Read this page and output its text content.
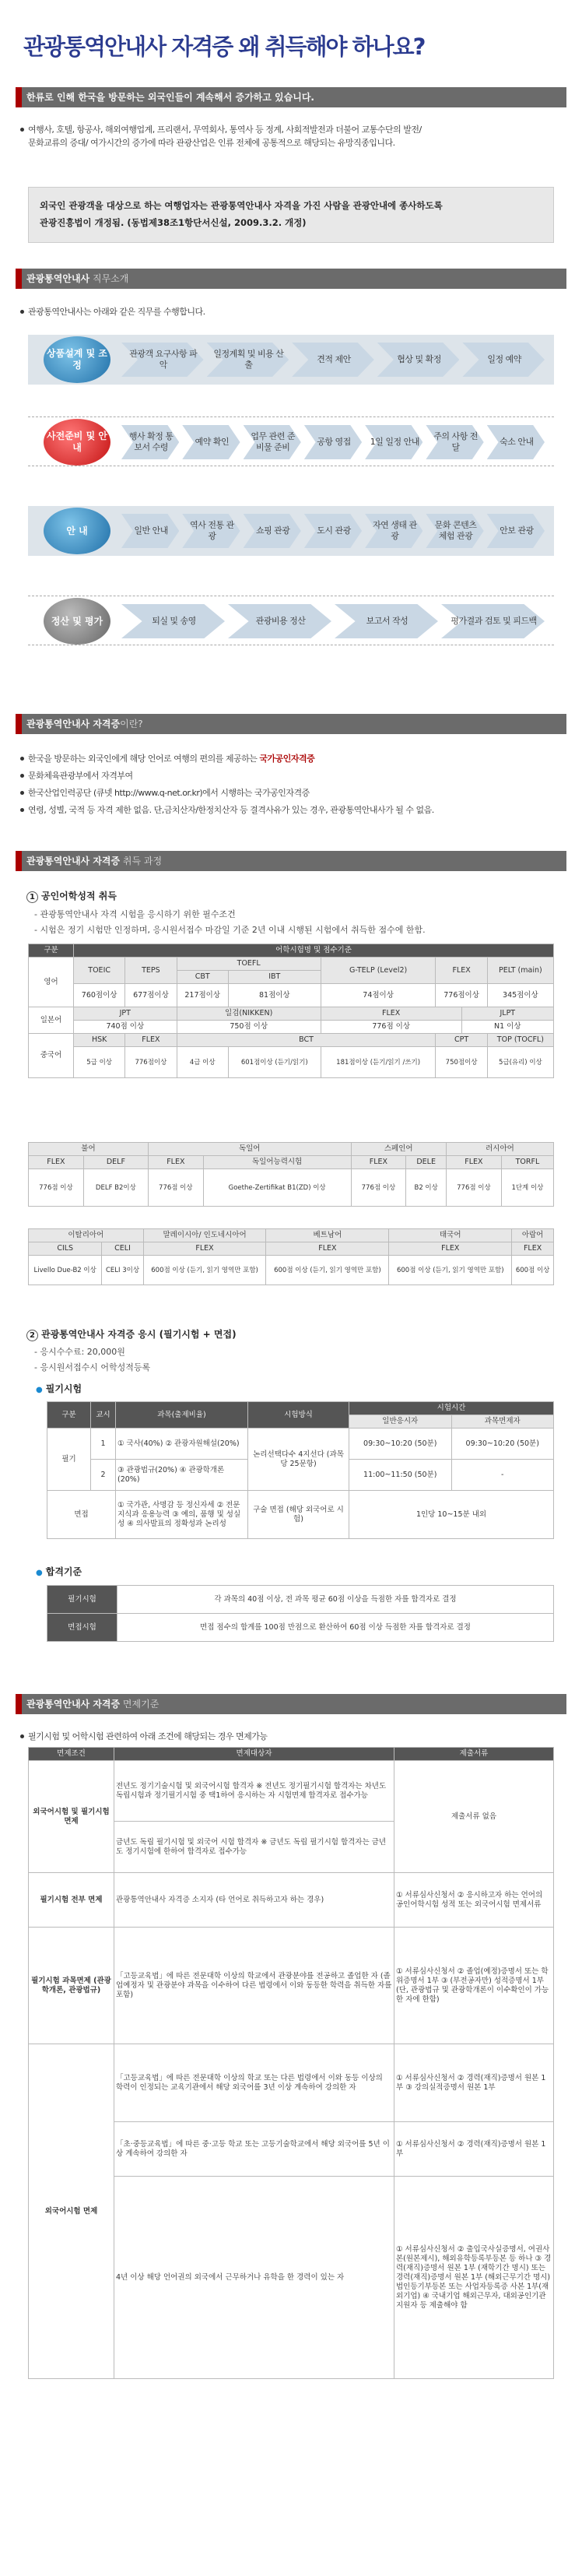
관광통역안내사 자격증 왜 취득해야 하나요?
한류로 인해 한국을 방문하는 외국인들이 계속해서 증가하고 있습니다.
여행사, 호텔, 항공사, 해외여행업계, 프리랜서, 무역회사, 통역사 등 정계, 사회적발전과 더불어 교통수단의 발전/
문화교류의 증대/ 여가시간의 증가에 따라 관광산업은 인류 전체에 공통적으로 해당되는 유망직종입니다.
외국인 관광객을 대상으로 하는 여행업자는 관광통역안내사 자격을 가진 사람을 관광안내에 종사하도록
관광진흥법이 개정됨. (동법제38조1항단서신설, 2009.3.2. 개정)
관광통역안내사 직무소개
관광통역안내사는 아래와 같은 직무를 수행합니다.
상품설계 및 조정
관광객 요구사항 파악
일정계획 및 비용 산출
견적 제안	협상 및 확정	일정 예약
사전준비 및 안내
행사 확정 통보서 수령
예약 확인
업무 관련 준비물 준비
공항 영접	1일 일정 안내
주의 사항 전달
숙소 안내
안 내	일반 안내
역사 전통 관광
쇼핑 관광	도시 관광
자연 생태 관광
문화 콘텐츠 체험 관광
안보 관광
정산 및 평가	퇴실 및 송영	관광비용 정산	보고서 작성	평가결과 검토 및 피드백
관광통역안내사 자격증이란?
한국을 방문하는 외국인에게 해당 언어로 여행의 편의를 제공하는 국가공인자격증
문화체육관광부에서 자격부여
한국산업인력공단 (큐넷 http://www.q-net.or.kr)에서 시행하는 국가공인자격증
연령, 성별, 국적 등 자격 제한 없음. 단,금치산자/한정치산자 등 결격사유가 있는 경우, 관광통역안내사가 될 수 없음.
관광통역안내사 자격증 취득 과정
1 공인어학성적 취득
- 관광통역안내사 자격 시험을 응시하기 위한 필수조건
- 시험은 정기 시험만 인정하며, 응시원서접수 마감일 기준 2년 이내 시행된 시험에서 취득한 점수에 한함.
구분	어학시험명 및 점수기준							
영어	TOEIC	TEPS	TOEFL		G-TELP (Level2)	FLEX		PELT (main)
			CBT	IBT				
	760점이상	677점이상	217점이상	81점이상	74점이상	776점이상		345점이상
일본어	JPT		일검(NIKKEN)		FLEX		JLPT	
	740점 이상		750점 이상		776점 이상		N1 이상	
중국어	HSK	FLEX	BCT			CPT		TOP (TOCFL)
	5급 이상	776점이상	4급 이상	601점이상 (듣기/읽기)	181점이상 (듣기/읽기 /쓰기)	750점이상		5급(유리) 이상
불어		독일어		스페인어		러시아어	
FLEX	DELF	FLEX	독일어능력시험	FLEX	DELE	FLEX	TORFL
776점 이상	DELF B2이상	776점 이상	Goethe-Zertifikat B1(ZD) 이상	776점 이상	B2 이상	776점 이상	1단계 이상
이탈리아어		말레이시아/ 인도네시아어	베트남어	태국어	아랍어
CILS	CELI	FLEX	FLEX	FLEX	FLEX
Livello Due-B2 이상	CELI 3이상	600점 이상 (듣기, 읽기 영역만 포함)	600점 이상 (듣기, 읽기 영역만 포함)	600점 이상 (듣기, 읽기 영역만 포함)	600점 이상
2 관광통역안내사 자격증 응시 (필기시험 + 면접)
- 응시수수료: 20,000원
- 응시원서접수시 어학성적등록
● 필기시험
구분	교시	과목(출제비율)	시험방식	시험시간	
				일반응시자	과목면제자
필기	1	① 국사(40%) ② 관광자원해설(20%)	논리선택다수 4지선다 (과목당 25문항)	09:30~10:20 (50분)	09:30~10:20 (50분)
	2	③ 관광법규(20%) ④ 관광학개론(20%)		11:00~11:50 (50분)	-
면접		① 국가관, 사명감 등 정신자세 ② 전문지식과 응용능력 ③ 예의, 품행 및 성실성 ④ 의사발표의 정확성과 논리성	구술 면접 (해당 외국어로 시험)	1인당 10~15분 내외	
● 합격기준
필기시험	각 과목의 40점 이상, 전 과목 평균 60점 이상을 득점한 자를 합격자로 결정
면접시험	면접 점수의 합계를 100점 만점으로 환산하여 60점 이상 득점한 자를 합격자로 결정
관광통역안내사 자격증 면제기준
필기시험 및 어학시험 관련하여 아래 조건에 해당되는 경우 면제가능
면제조건	면제대상자	제출서류
외국어시험 및 필기시험 면제	전년도 정기기술시험 및 외국어시험 합격자 ※ 전년도 정기필기시험 합격자는 차년도 독립시험과 정기필기시험 중 택1하여 응시하는 자 시험면제 합격자로 접수가능	제출서류 없음
	금년도 독립 필기시험 및 외국어 시험 합격자 ※ 금년도 독립 필기시험 합격자는 금년도 정기시험에 한하여 합격자로 접수가능	
필기시험 전부 면제	관광통역안내사 자격증 소지자 (타 언어로 취득하고자 하는 경우)	① 서류심사신청서 ② 응시하고자 하는 언어의 공인어학시험 성적 또는 외국어시험 면제서류
필기시험 과목면제 (관광학개론, 관광법규)	「고등교육법」에 따른 전문대학 이상의 학교에서 관광분야를 전공하고 졸업한 자 (졸업예정자 및 관광분야 과목을 이수하여 다른 법령에서 이와 동등한 학력을 취득한 자를 포함)	① 서류심사신청서 ② 졸업(예정)증명서 또는 학위증명서 1부 ③ (부전공자만) 성적증명서 1부 (단, 관광법규 및 관광학개론이 이수확인이 가능한 자에 한함)
외국어시험 면제	「고등교육법」에 따른 전문대학 이상의 학교 또는 다른 법령에서 이와 동등 이상의 학력이 인정되는 교육기관에서 해당 외국어를 3년 이상 계속하여 강의한 자	① 서류심사신청서 ② 경력(재직)증명서 원본 1부 ③ 강의실적증명서 원본 1부
	「초·중등교육법」에 따른 중·고등 학교 또는 고등기술학교에서 해당 외국어를 5년 이상 계속하여 강의한 자	① 서류심사신청서 ② 경력(재직)증명서 원본 1부
	4년 이상 해당 언어권의 외국에서 근무하거나 유학을 한 경력이 있는 자	① 서류심사신청서 ② 출입국사실증명서, 여권사본(원본제시), 해외유학등록부등본 등 하나 ③ 경력(재직)증명서 원본 1부 (재학기간 명시) 또는 경력(재직)증명서 원본 1부 (해외근무기간 명시) 법인등기부등본 또는 사업자등록증 사본 1부(재외기업) ④ 국내기업 해외근무자, 대외공인기관 지원자 등 제출해야 함
